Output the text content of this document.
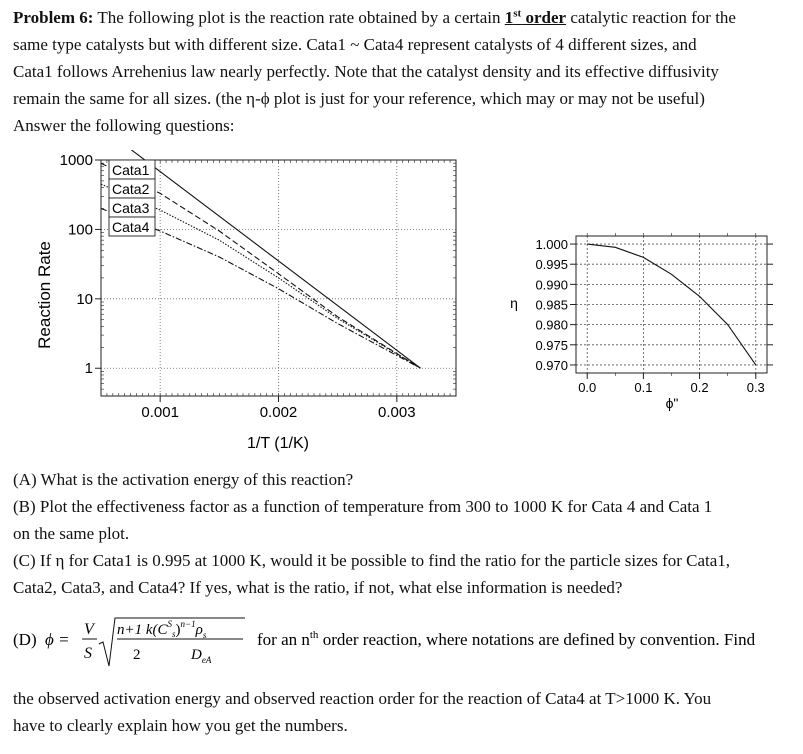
Problem 6: The following plot is the reaction rate obtained by a certain 1st order catalytic reaction for the

same type catalysts but with different size. Cata1 ~ Cata4 represent catalysts of 4 different sizes, and

Cata1 follows Arrehenius law nearly perfectly. Note that the catalyst density and its effective diffusivity

remain the same for all sizes. (the η-ϕ plot is just for your reference, which may or may not be useful)

Answer the following questions:

0.001	0.002	0.003
1
10
100
1000
Cata1
Cata2
Cata3
Cata4
Reaction Rate
1/T (1/K)
0.0	0.1	0.2	0.3
0.970
0.975
0.980
0.985
0.990
0.995
1.000
η
ϕ"

(A) What is the activation energy of this reaction?

(B) Plot the effectiveness factor as a function of temperature from 300 to 1000 K for Cata 4 and Cata 1

on the same plot.

(C) If η for Cata1 is 0.995 at 1000 K, would it be possible to find the ratio for the particle sizes for Cata1,

Cata2, Cata3, and Cata4? If yes, what is the ratio, if not, what else information is needed?

(D) ϕ =
V
S
n+1 $k(C^S_s)^{n-1}\rho_s$
2	$D_{eA}$
for an $n^{th}$ order reaction, where notations are defined by convention. Find

the observed activation energy and observed reaction order for the reaction of Cata4 at T>1000 K. You

have to clearly explain how you get the numbers.
